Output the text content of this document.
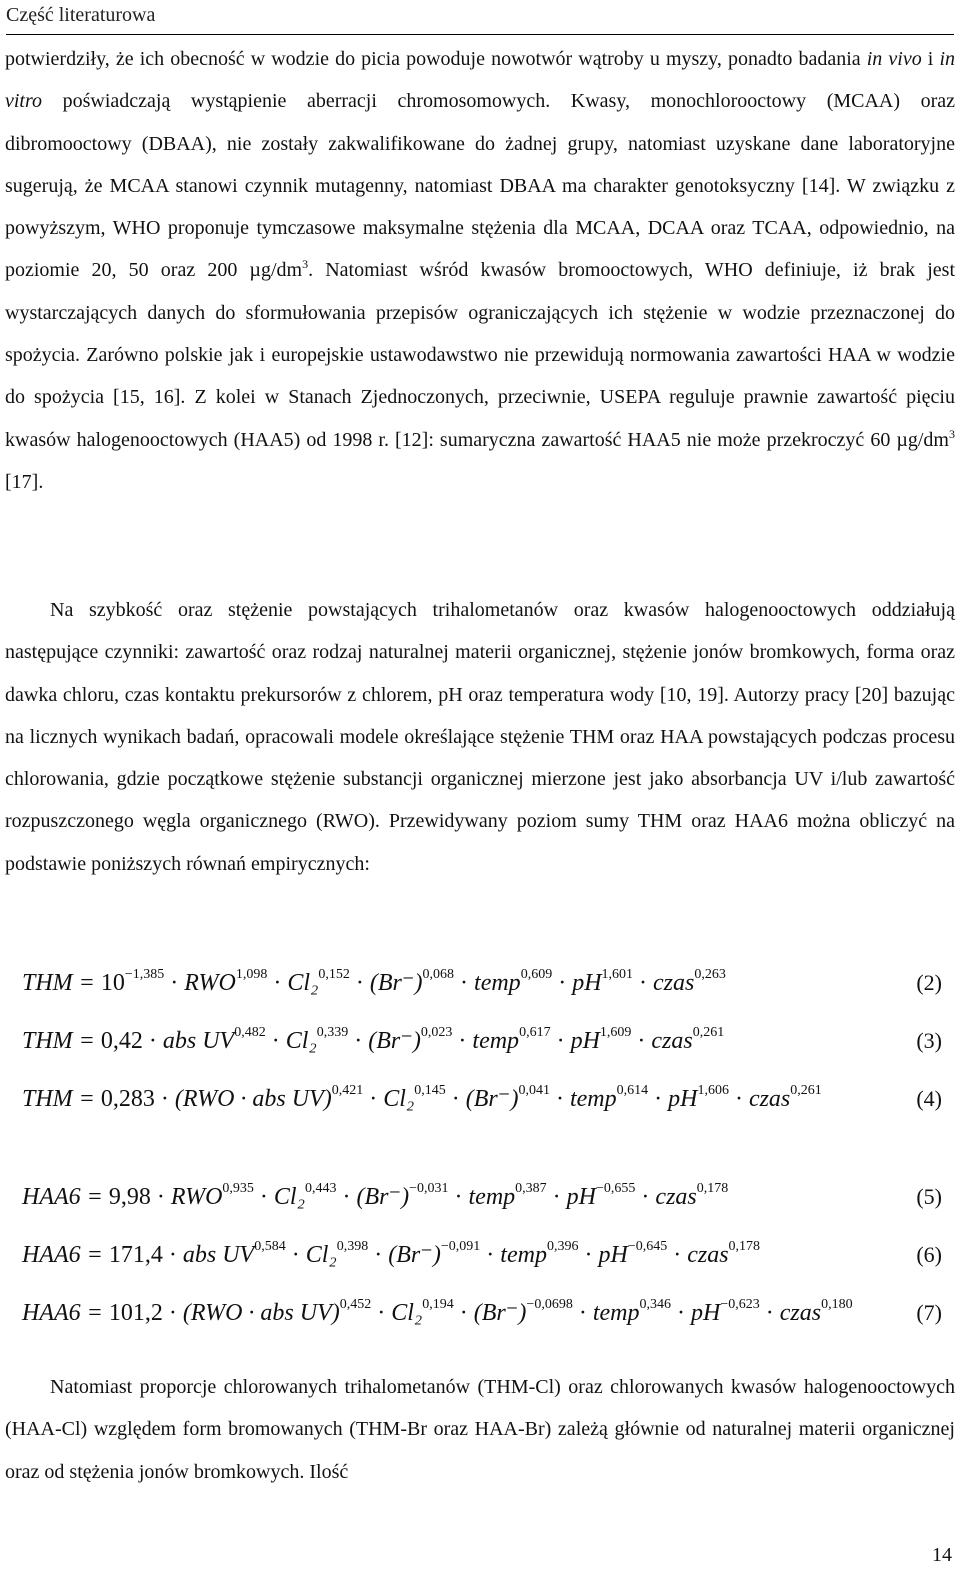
Część literaturowa
potwierdziły, że ich obecność w wodzie do picia powoduje nowotwór wątroby u myszy, ponadto badania in vivo i in vitro poświadczają wystąpienie aberracji chromosomowych. Kwasy, monochlorooctowy (MCAA) oraz dibromooctowy (DBAA), nie zostały zakwalifikowane do żadnej grupy, natomiast uzyskane dane laboratoryjne sugerują, że MCAA stanowi czynnik mutagenny, natomiast DBAA ma charakter genotoksyczny [14]. W związku z powyższym, WHO proponuje tymczasowe maksymalne stężenia dla MCAA, DCAA oraz TCAA, odpowiednio, na poziomie 20, 50 oraz 200 $\mu g/dm^3$. Natomiast wśród kwasów bromooctowych, WHO definiuje, iż brak jest wystarczających danych do sformułowania przepisów ograniczających ich stężenie w wodzie przeznaczonej do spożycia. Zarówno polskie jak i europejskie ustawodawstwo nie przewidują normowania zawartości HAA w wodzie do spożycia [15, 16]. Z kolei w Stanach Zjednoczonych, przeciwnie, USEPA reguluje prawnie zawartość pięciu kwasów halogenooctowych (HAA5) od 1998 r. [12]: sumaryczna zawartość HAA5 nie może przekroczyć 60 $\mu g/dm^3$ [17].
Na szybkość oraz stężenie powstających trihalometanów oraz kwasów halogenooctowych oddziałują następujące czynniki: zawartość oraz rodzaj naturalnej materii organicznej, stężenie jonów bromkowych, forma oraz dawka chloru, czas kontaktu prekursorów z chlorem, pH oraz temperatura wody [10, 19]. Autorzy pracy [20] bazując na licznych wynikach badań, opracowali modele określające stężenie THM oraz HAA powstających podczas procesu chlorowania, gdzie początkowe stężenie substancji organicznej mierzone jest jako absorbancja UV i/lub zawartość rozpuszczonego węgla organicznego (RWO). Przewidywany poziom sumy THM oraz HAA6 można obliczyć na podstawie poniższych równań empirycznych:
THM = $10^{-1,385} \cdot RWO^{1,098} \cdot Cl_2^{0,152} \cdot (Br^-)^{0,068}$ · temp$^{0,609}$ · pH$^{1,601}$ · czas$^{0,263}$	(2)
THM = 0,42 · abs $UV^{0,482} \cdot Cl_2^{0,339} \cdot (Br^-)^{0,023}$ · temp$^{0,617}$ · pH$^{1,609}$ · czas$^{0,261}$	(3)
THM = 0,283 · (RWO · abs $UV)^{0,421} \cdot Cl_2^{0,145} \cdot (Br^-)^{0,041}$ · temp$^{0,614}$ · pH$^{1,606}$ · czas$^{0,261}$	(4)
$HAA6 = 9,98 \cdot RWO^{0,935} \cdot Cl_2^{0,443} \cdot (Br^-)^{-0,031}$ · temp$^{0,387}$ · $pH^{-0,655}$ · czas$^{0,178}$	(5)
HAA6 = 171,4 · abs $UV^{0,584} \cdot Cl_2^{0,398} \cdot (Br^-)^{-0,091}$ · temp$^{0,396}$ · $pH^{-0,645}$ · czas$^{0,178}$	(6)
HAA6 = 101,2 · (RWO · abs $UV)^{0,452} \cdot Cl_2^{0,194} \cdot (Br^-)^{-0,0698}$ · temp$^{0,346}$ · $pH^{-0,623}$ · czas$^{0,180}$	(7)
Natomiast proporcje chlorowanych trihalometanów (THM-Cl) oraz chlorowanych kwasów halogenooctowych (HAA-Cl) względem form bromowanych (THM-Br oraz HAA-Br) zależą głównie od naturalnej materii organicznej oraz od stężenia jonów bromkowych. Ilość
14
